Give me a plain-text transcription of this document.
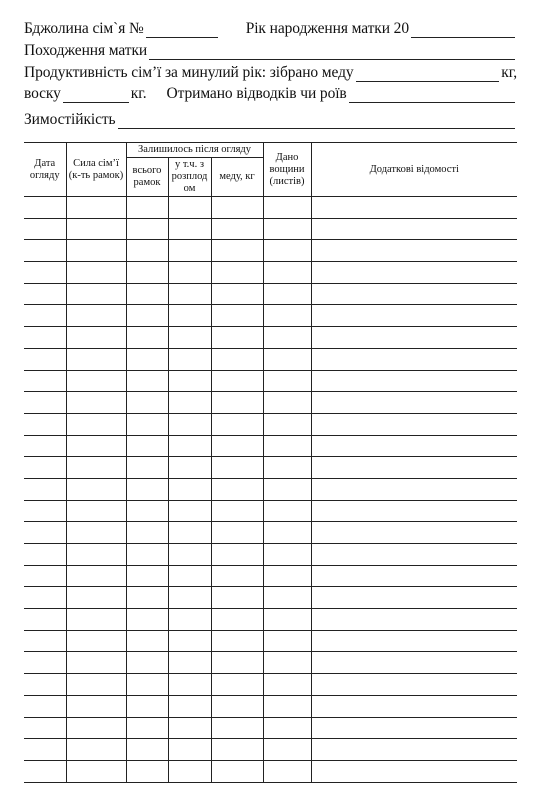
Бджолина сім`я №	Рік народження матки 20
Походження матки
Продуктивність сім’ї за минулий рік: зібрано меду	кг,
воску	кг. Отримано відводків чи роїв
Зимостійкість
Дата огляду	Сила сім’ї (к-ть рамок)	Залишилось після огляду			Дано вощини (листів)	Додаткові відомості

		всього рамок	у т.ч. з розплод ом	меду, кг		
